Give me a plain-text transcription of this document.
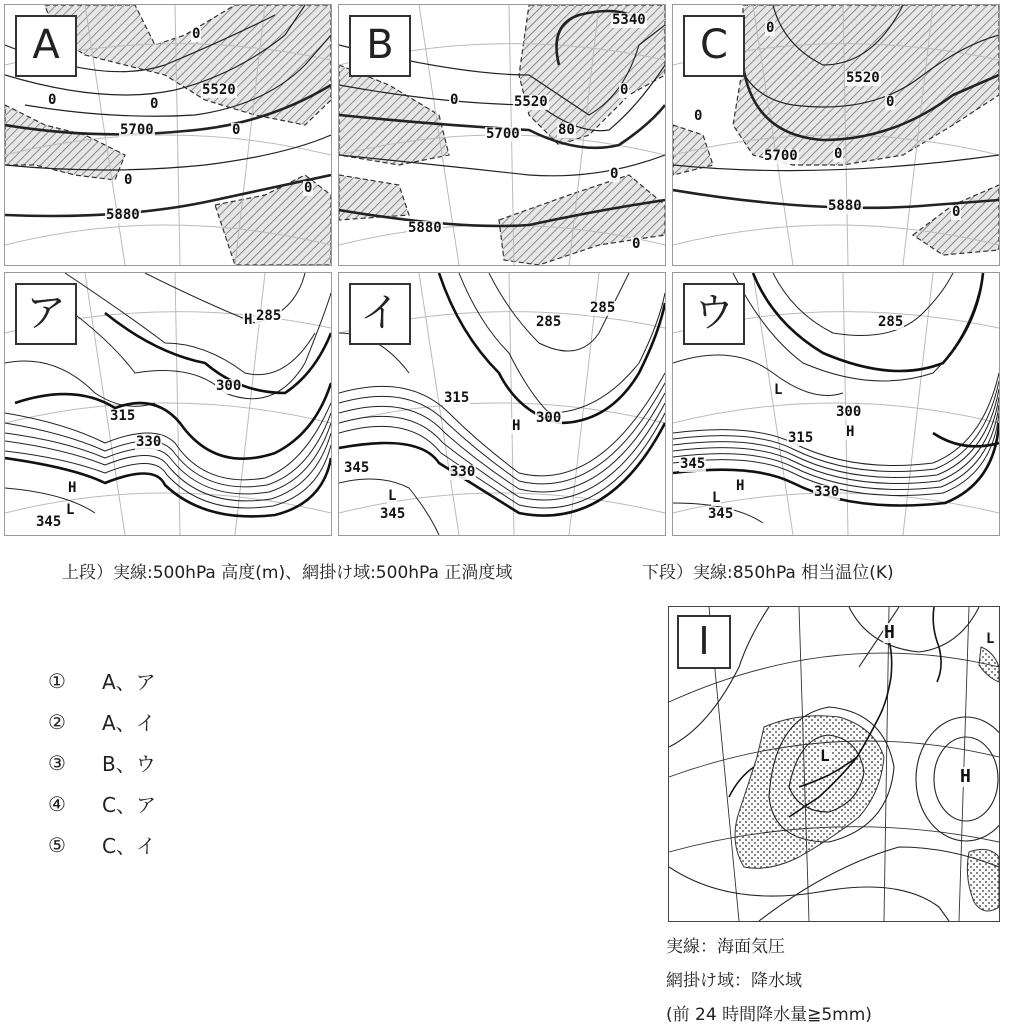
A
5520
5700
5880
0
0	0
0
0	0
B
5340
5520
5700
5880
80
0
0
0
0
C
5520
5700
5880
0
0
0
0
0
ア	285
300
315
330
345
H
H
L
イ	285
285
300
315
330
345
345
H
L
ウ	285
300
315
330
345
345
L
H
H
L
上段）実線:500hPa 高度(m)、網掛け域:500hPa 正渦度域	下段）実線:850hPa 相当温位(K)
①	A、ア
②	A、イ
③	B、ウ
④	C、ア
⑤	C、イ
I	H
H
L
L
実線：海面気圧
網掛け域：降水域
(前 24 時間降水量≧5mm)
